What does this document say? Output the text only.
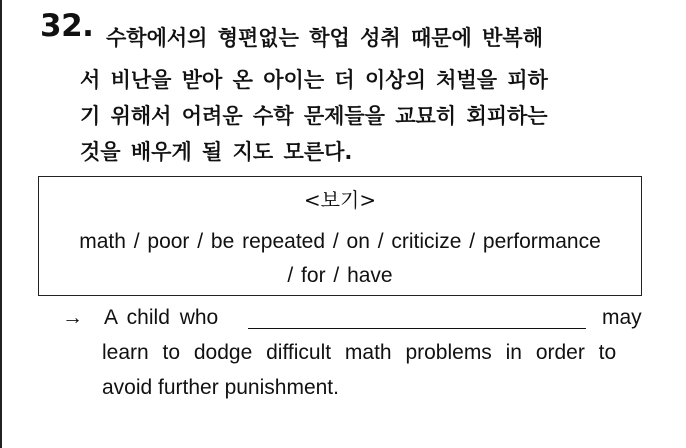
32. 수학에서의 형편없는 학업 성취 때문에 반복해
서 비난을 받아 온 아이는 더 이상의 처벌을 피하
기 위해서 어려운 수학 문제들을 교묘히 회피하는
것을 배우게 될 지도 모른다.
<보기>
math / poor / be repeated / on / criticize / performance
/ for / have
→ A child who	may
learn to dodge difficult math problems in order to
avoid further punishment.
